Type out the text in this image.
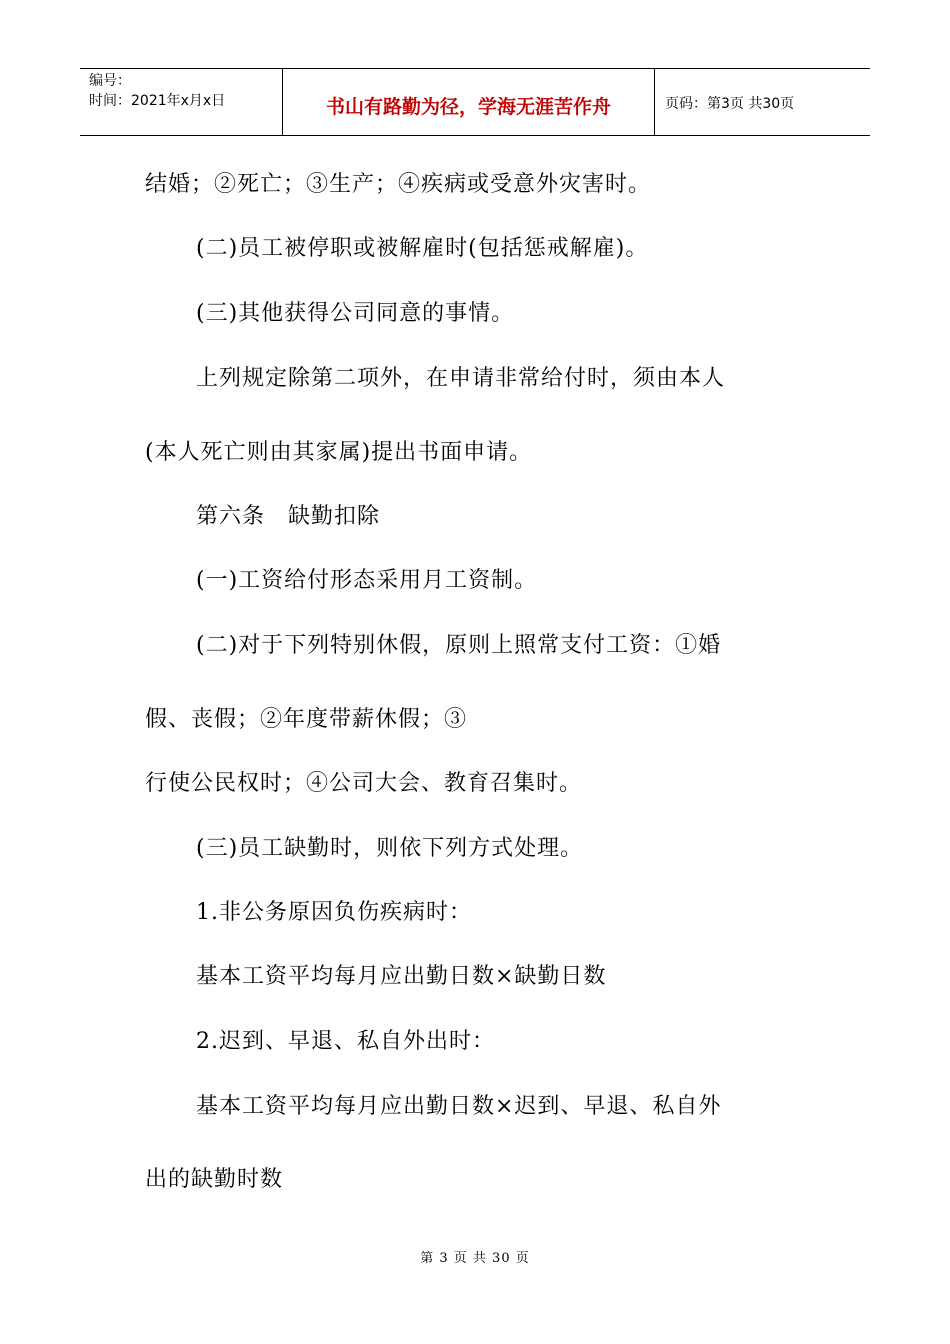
编号：
时间：2021年x月x日	书山有路勤为径，学海无涯苦作舟	页码：第3页 共30页
结婚；②死亡；③生产；④疾病或受意外灾害时。
(二)员工被停职或被解雇时(包括惩戒解雇)。
(三)其他获得公司同意的事情。
上列规定除第二项外，在申请非常给付时，须由本人
(本人死亡则由其家属)提出书面申请。
第六条　缺勤扣除
(一)工资给付形态采用月工资制。
(二)对于下列特别休假，原则上照常支付工资：①婚
假、丧假；②年度带薪休假；③
行使公民权时；④公司大会、教育召集时。
(三)员工缺勤时，则依下列方式处理。
1.非公务原因负伤疾病时：
基本工资平均每月应出勤日数×缺勤日数
2.迟到、早退、私自外出时：
基本工资平均每月应出勤日数×迟到、早退、私自外
出的缺勤时数
第 3 页 共 30 页
